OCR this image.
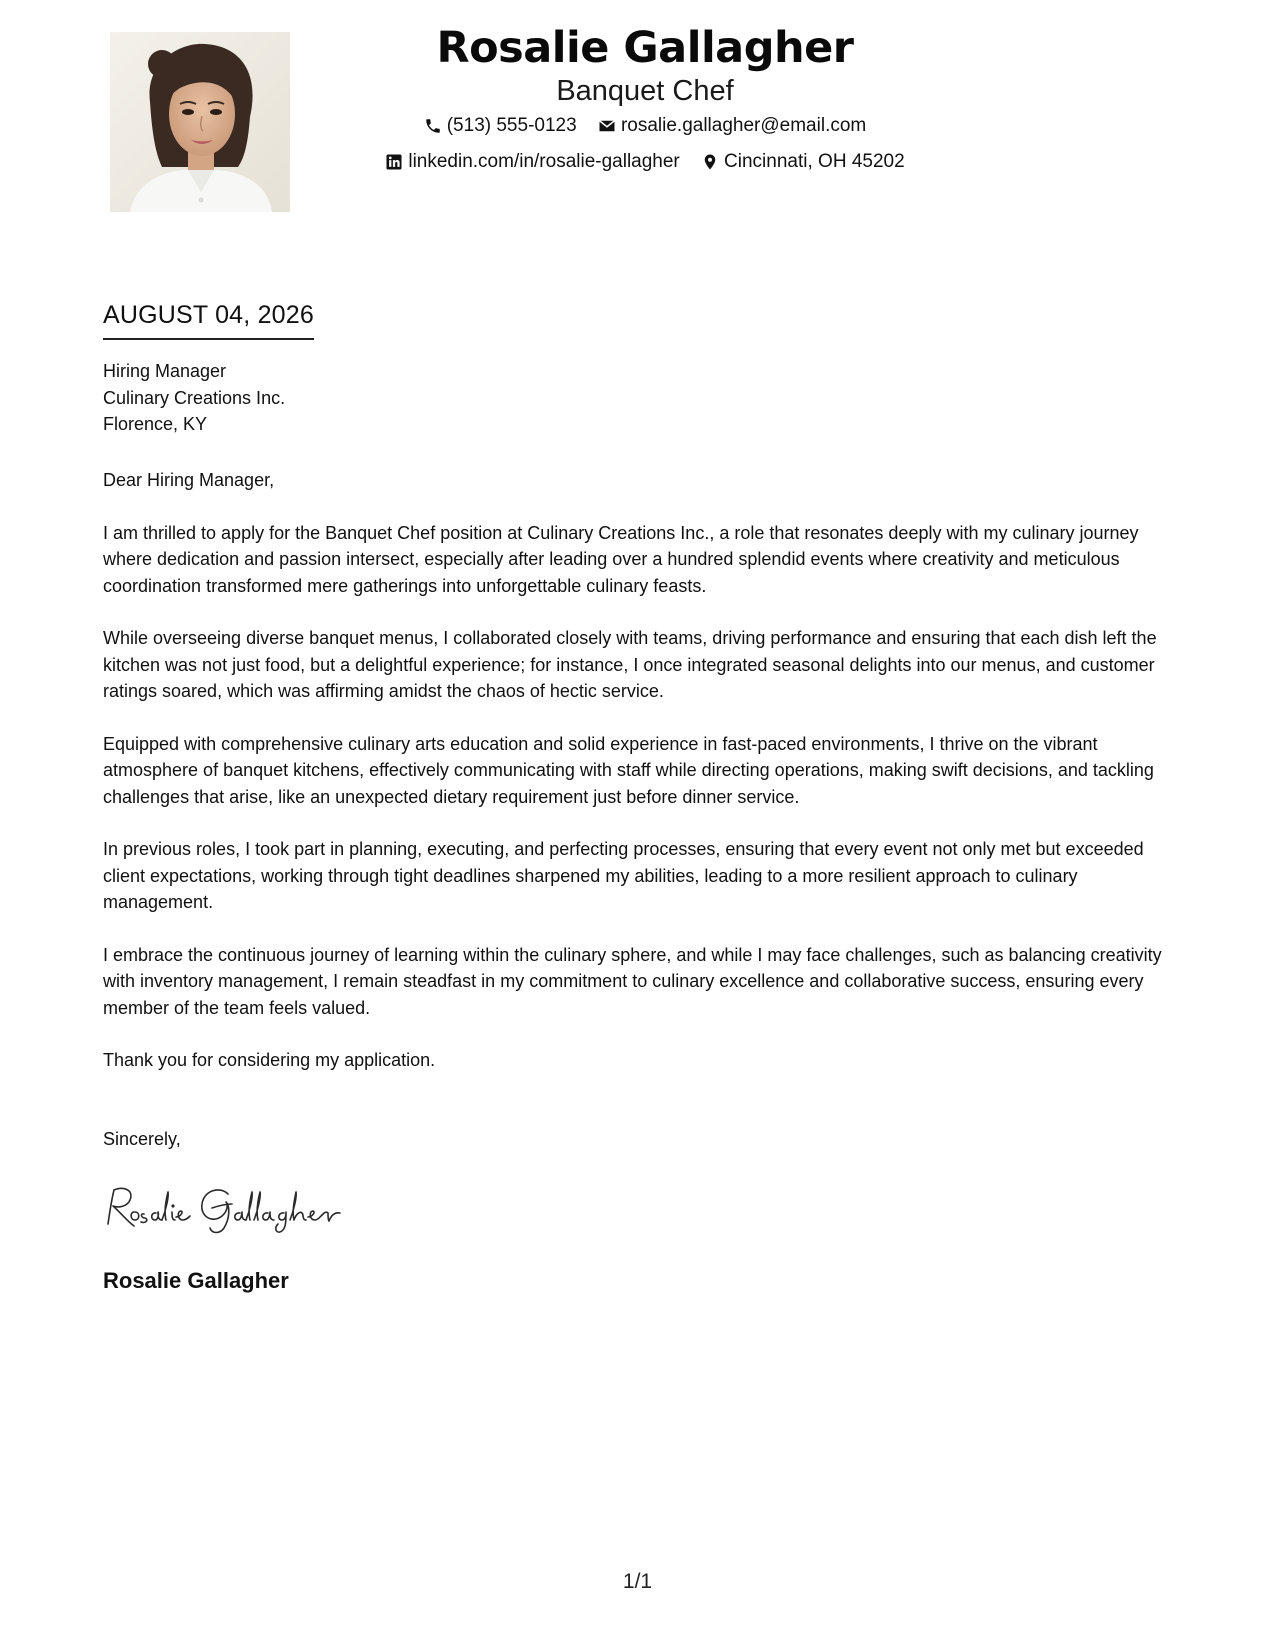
Rosalie Gallagher
Banquet Chef
(513) 555-0123
rosalie.gallagher@email.com
linkedin.com/in/rosalie-gallagher
Cincinnati, OH 45202
AUGUST 04, 2026
Hiring Manager
Culinary Creations Inc.
Florence, KY

Dear Hiring Manager,

I am thrilled to apply for the Banquet Chef position at Culinary Creations Inc., a role that resonates deeply with my culinary journey where dedication and passion intersect, especially after leading over a hundred splendid events where creativity and meticulous coordination transformed mere gatherings into unforgettable culinary feasts.

While overseeing diverse banquet menus, I collaborated closely with teams, driving performance and ensuring that each dish left the kitchen was not just food, but a delightful experience; for instance, I once integrated seasonal delights into our menus, and customer ratings soared, which was affirming amidst the chaos of hectic service.

Equipped with comprehensive culinary arts education and solid experience in fast-paced environments, I thrive on the vibrant atmosphere of banquet kitchens, effectively communicating with staff while directing operations, making swift decisions, and tackling challenges that arise, like an unexpected dietary requirement just before dinner service.

In previous roles, I took part in planning, executing, and perfecting processes, ensuring that every event not only met but exceeded client expectations, working through tight deadlines sharpened my abilities, leading to a more resilient approach to culinary management.

I embrace the continuous journey of learning within the culinary sphere, and while I may face challenges, such as balancing creativity with inventory management, I remain steadfast in my commitment to culinary excellence and collaborative success, ensuring every member of the team feels valued.

Thank you for considering my application.

Sincerely,
Rosalie Gallagher
1/1
